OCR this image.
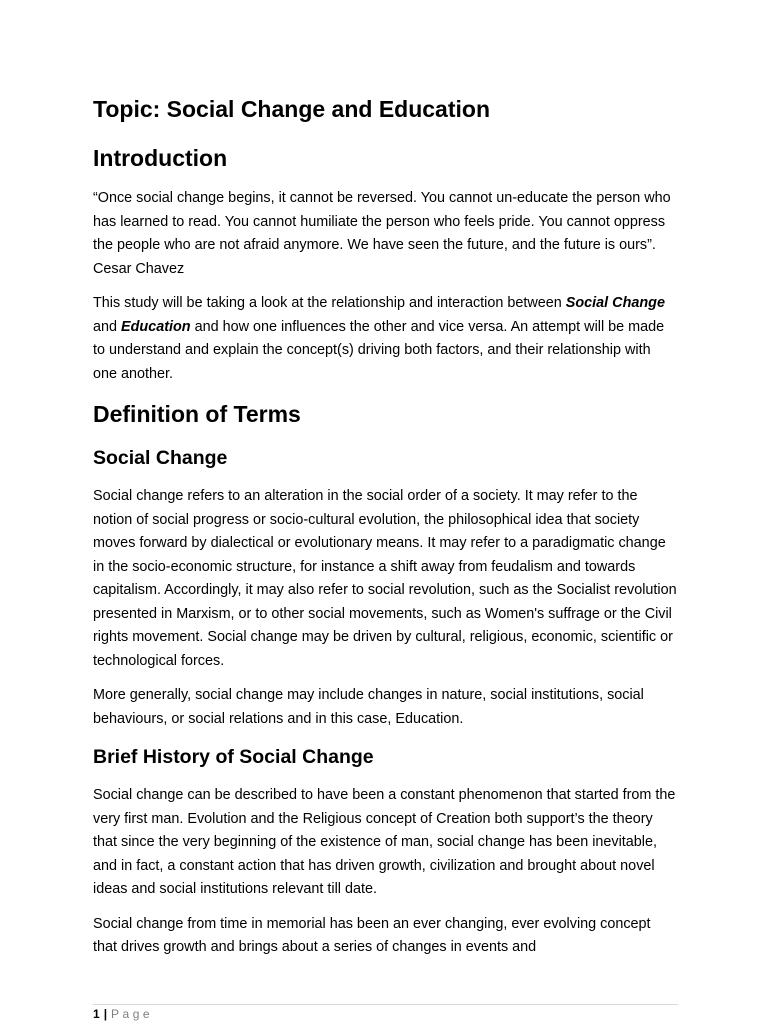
Topic: Social Change and Education
Introduction

“Once social change begins, it cannot be reversed. You cannot un-educate the person who has learned to read. You cannot humiliate the person who feels pride. You cannot oppress the people who are not afraid anymore. We have seen the future, and the future is ours”. Cesar Chavez

This study will be taking a look at the relationship and interaction between Social Change and Education and how one influences the other and vice versa. An attempt will be made to understand and explain the concept(s) driving both factors, and their relationship with one another.

Definition of Terms
Social Change

Social change refers to an alteration in the social order of a society. It may refer to the notion of social progress or socio-cultural evolution, the philosophical idea that society moves forward by dialectical or evolutionary means. It may refer to a paradigmatic change in the socio-economic structure, for instance a shift away from feudalism and towards capitalism. Accordingly, it may also refer to social revolution, such as the Socialist revolution presented in Marxism, or to other social movements, such as Women's suffrage or the Civil rights movement. Social change may be driven by cultural, religious, economic, scientific or technological forces.

More generally, social change may include changes in nature, social institutions, social behaviours, or social relations and in this case, Education.

Brief History of Social Change

Social change can be described to have been a constant phenomenon that started from the very first man. Evolution and the Religious concept of Creation both support’s the theory that since the very beginning of the existence of man, social change has been inevitable, and in fact, a constant action that has driven growth, civilization and brought about novel ideas and social institutions relevant till date.

Social change from time in memorial has been an ever changing, ever evolving concept that drives growth and brings about a series of changes in events and

1 | Page
